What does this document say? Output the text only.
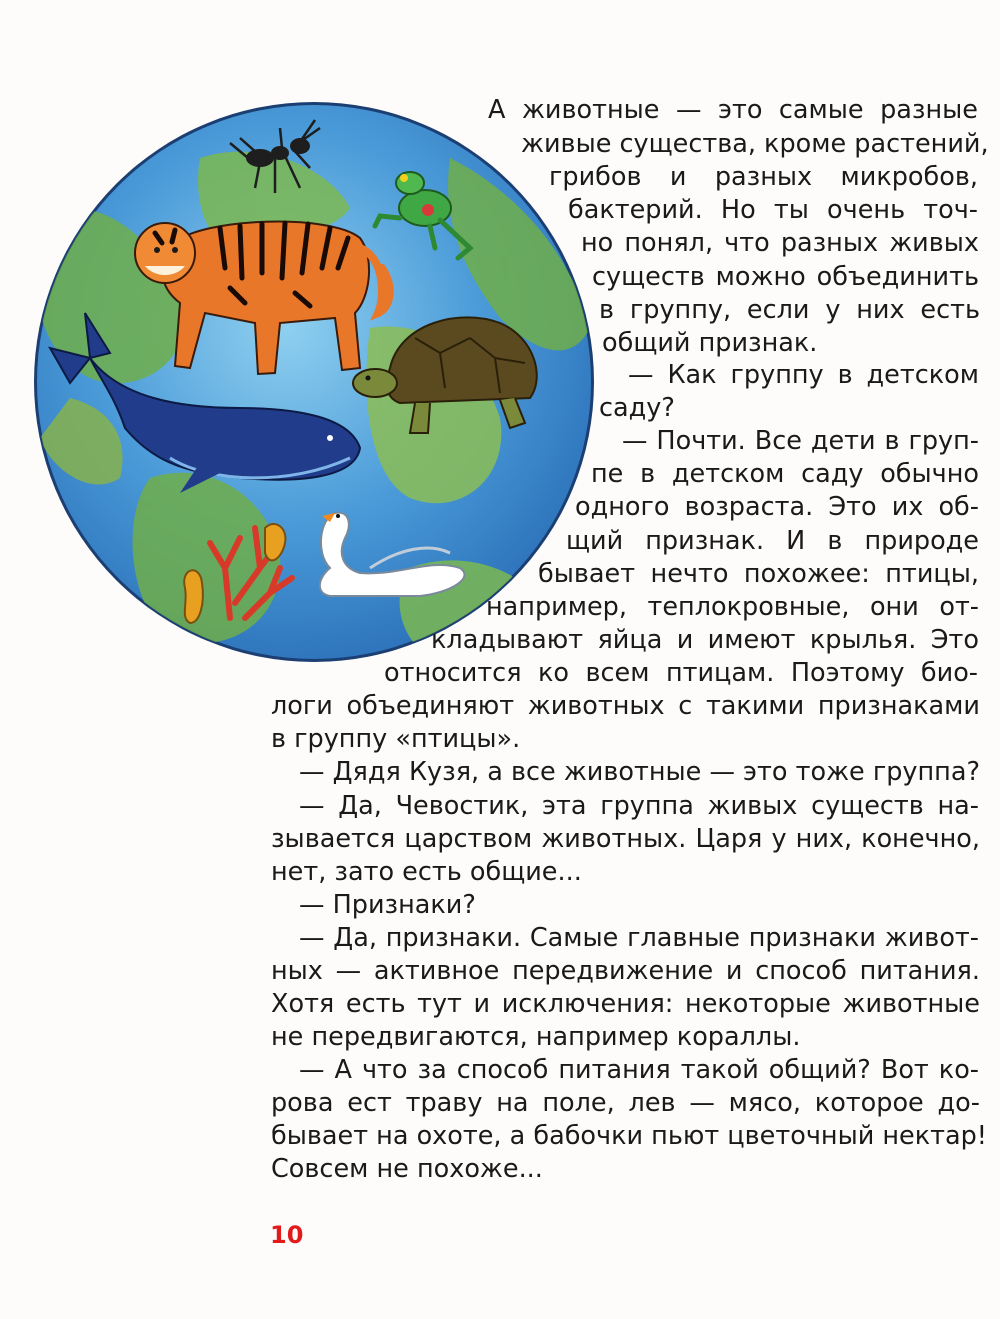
А животные — это самые разные

живые существа, кроме растений,

грибов и разных микробов,

бактерий. Но ты очень точ-

но понял, что разных живых

существ можно объединить

в группу, если у них есть

общий признак.

— Как группу в детском

саду?

— Почти. Все дети в груп-

пе в детском саду обычно

одного возраста. Это их об-

щий признак. И в природе

бывает нечто похожее: птицы,

например, теплокровные, они от-

кладывают яйца и имеют крылья. Это

относится ко всем птицам. Поэтому био-

логи объединяют животных с такими признаками

в группу «птицы».

— Дядя Кузя, а все животные — это тоже группа?

— Да, Чевостик, эта группа живых существ на-

зывается царством животных. Царя у них, конечно,

нет, зато есть общие...

— Признаки?

— Да, признаки. Самые главные признаки живот-

ных — активное передвижение и способ питания.

Хотя есть тут и исключения: некоторые животные

не передвигаются, например кораллы.

— А что за способ питания такой общий? Вот ко-

рова ест траву на поле, лев — мясо, которое до-

бывает на охоте, а бабочки пьют цветочный нектар!

Совсем не похоже...

10
